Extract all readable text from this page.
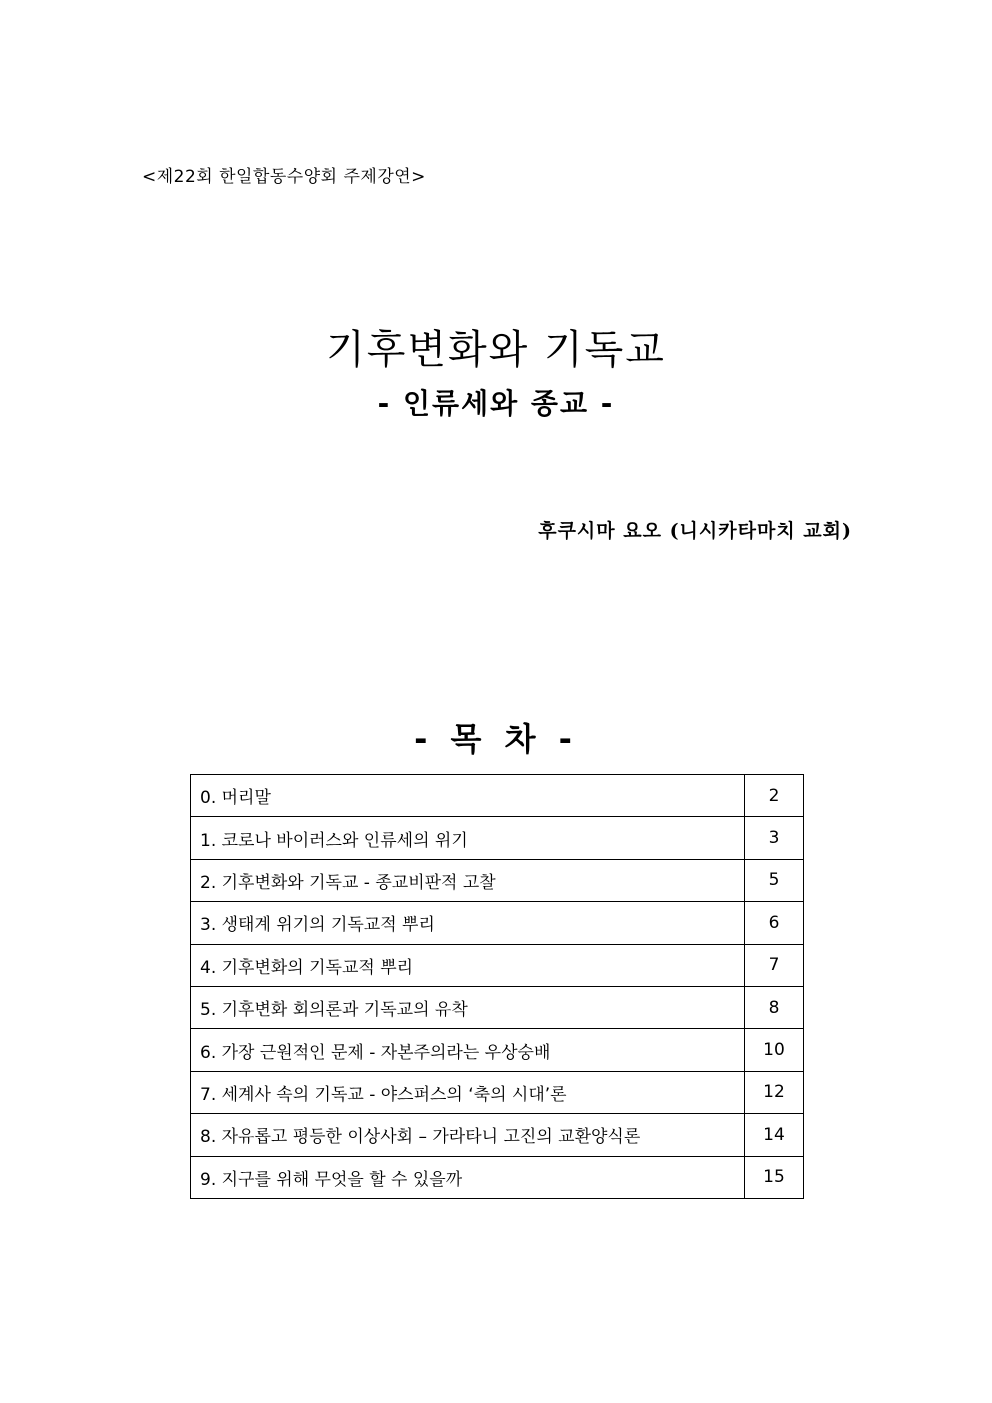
<제22회 한일합동수양회 주제강연>
기후변화와 기독교
- 인류세와 종교 -
후쿠시마 요오 (니시카타마치 교회)
- 목 차 -
0. 머리말	2
1. 코로나 바이러스와 인류세의 위기	3
2. 기후변화와 기독교 - 종교비판적 고찰	5
3. 생태계 위기의 기독교적 뿌리	6
4. 기후변화의 기독교적 뿌리	7
5. 기후변화 회의론과 기독교의 유착	8
6. 가장 근원적인 문제 - 자본주의라는 우상숭배	10
7. 세계사 속의 기독교 - 야스퍼스의 ‘축의 시대’론	12
8. 자유롭고 평등한 이상사회 – 가라타니 고진의 교환양식론	14
9. 지구를 위해 무엇을 할 수 있을까	15
